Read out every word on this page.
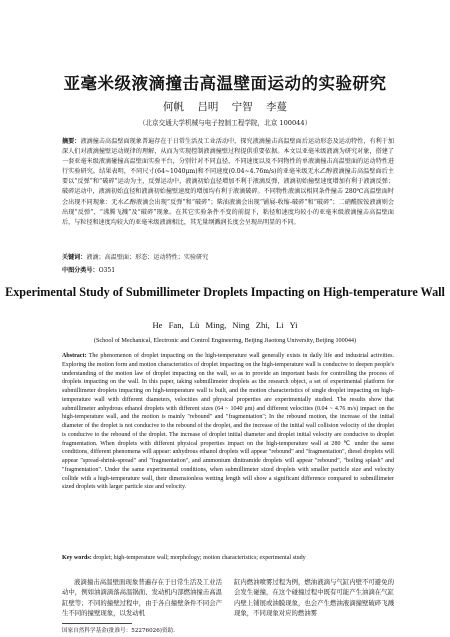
亚毫米级液滴撞击高温壁面运动的实验研究
何帆 吕明 宁智 李蔓
（北京交通大学机械与电子控制工程学院，北京 100044）

摘要：液滴撞击高温壁面现象普遍存在于日常生活及工业活动中，探究液滴撞击高温壁面后运动形态及运动特性，有利于加深人们对液滴撞壁运动规律的理解，从而为实现控制液滴撞壁过程提供重要依据。本文以亚毫米级液滴为研究对象，搭建了一套亚毫米级液滴碰撞高温壁面实验平台，分别针对不同直径、不同速度以及不同物性的单液滴撞击高温壁面的运动特性进行实验研究。结果表明，不同尺寸(64~1040μm)和不同速度(0.04~4.76m/s)的亚毫米级无水乙醇液滴撞击高温壁面后主要以“反弹”和“破碎”运动为主，反弹运动中，液滴初始直径增加不利于液滴反弹，液滴初始撞壁速度增加有利于液滴反弹；破碎运动中，液滴初始直径和液滴初始撞壁速度的增加均有利于液滴破碎。不同物性液滴以相同条件撞击 280℃高温壁面时会出现不同现象：无水乙醇液滴会出现“反弹”和“破碎”；柴油液滴会出现“铺展-收缩-破碎”和“破碎”；二硝酰胺铵液滴则会出现“反弹”、“沸腾飞溅”及“破碎”现象。在其它实验条件不变的前提下，粘径和速度均较小的亚毫米级液滴撞击高温壁面后，与粒径和速度均较大的亚毫米级液滴相比，其无量纲溅润长度会呈现出明显的不同。

关键词：液滴；高温壁面；形态；运动特性；实验研究

中图分类号：O351

Experimental Study of Submillimeter Droplets Impacting on High-temperature Wall
He Fan, Lü Ming, Ning Zhi, Li Yi
(School of Mechanical, Electronic and Control Engineering, Beijing Jiaotong University, Beijing 100044)

Abstract: The phenomenon of droplet impacting on the high-temperature wall generally exists in daily life and industrial activities. Exploring the motion form and motion characteristics of droplet impacting on the high-temperature wall is conducive to deepen people's understanding of the motion law of droplet impacting on the wall, so as to provide an important basis for controlling the process of droplets impacting on the wall. In this paper, taking submillimeter droplets as the research object, a set of experimental platform for submillimeter droplets impacting on high-temperature wall is built, and the motion characteristics of single droplet impacting on high-temperature wall with different diameters, velocities and physical properties are experimentally studied. The results show that submillimeter anhydrous ethanol droplets with different sizes (64 ~ 1040 μm) and different velocities (0.04 ~ 4.76 m/s) impact on the high-temperature wall, and the motion is mainly "rebound" and "fragmentation"; In the rebound motion, the increase of the initial diameter of the droplet is not conducive to the rebound of the droplet, and the increase of the initial wall collision velocity of the droplet is conducive to the rebound of the droplet. The increase of droplet initial diameter and droplet initial velocity are conducive to droplet fragmentation. When droplets with different physical properties impact on the high-temperature wall at 280 ℃ under the same conditions, different phenomena will appear: anhydrous ethanol droplets will appear "rebound" and "fragmentation", diesel droplets will appear "spread-shrink-spread" and "fragmentation", and ammonium dinitramide droplets will appear "rebound", "boiling splash" and "fragmentation". Under the same experimental conditions, when submillimeter sized droplets with smaller particle size and velocity collide with a high-temperature wall, their dimensionless wetting length will show a significant difference compared to submillimeter sized droplets with larger particle size and velocity.

Key words: droplet; high-temperature wall; morphology; motion characteristics; experimental study

液滴撞击高温壁面现象普遍存在于日常生活及工业活动中，例如油滴滴落高温锅面、发动机内部燃油撞击高温缸壁等；不同的撞壁过程中，由于各自撞壁条件不同会产生不同的撞壁现象，以发动机

缸内燃油喷雾过程为例，燃油液滴与气缸内壁不可避免的会发生碰撞，在这个碰撞过程中既有可能产生油滴在气缸内壁上铺展或油膜现象，也会产生燃油液滴撞壁破碎飞溅现象，不同现象对应的燃油雾

国家自然科学基金(批准号：52276026)资助.
